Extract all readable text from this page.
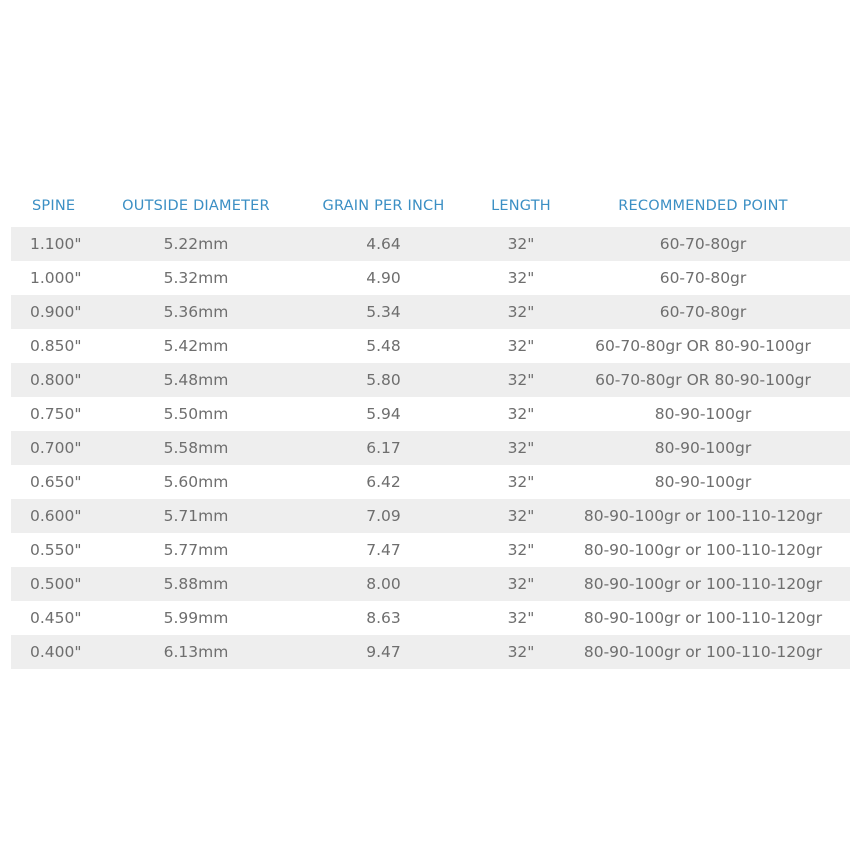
SPINE	OUTSIDE DIAMETER	GRAIN PER INCH	LENGTH	RECOMMENDED POINT
1.100"	5.22mm	4.64	32"	60-70-80gr
1.000"	5.32mm	4.90	32"	60-70-80gr
0.900"	5.36mm	5.34	32"	60-70-80gr
0.850"	5.42mm	5.48	32"	60-70-80gr OR 80-90-100gr
0.800"	5.48mm	5.80	32"	60-70-80gr OR 80-90-100gr
0.750"	5.50mm	5.94	32"	80-90-100gr
0.700"	5.58mm	6.17	32"	80-90-100gr
0.650"	5.60mm	6.42	32"	80-90-100gr
0.600"	5.71mm	7.09	32"	80-90-100gr or 100-110-120gr
0.550"	5.77mm	7.47	32"	80-90-100gr or 100-110-120gr
0.500"	5.88mm	8.00	32"	80-90-100gr or 100-110-120gr
0.450"	5.99mm	8.63	32"	80-90-100gr or 100-110-120gr
0.400"	6.13mm	9.47	32"	80-90-100gr or 100-110-120gr
